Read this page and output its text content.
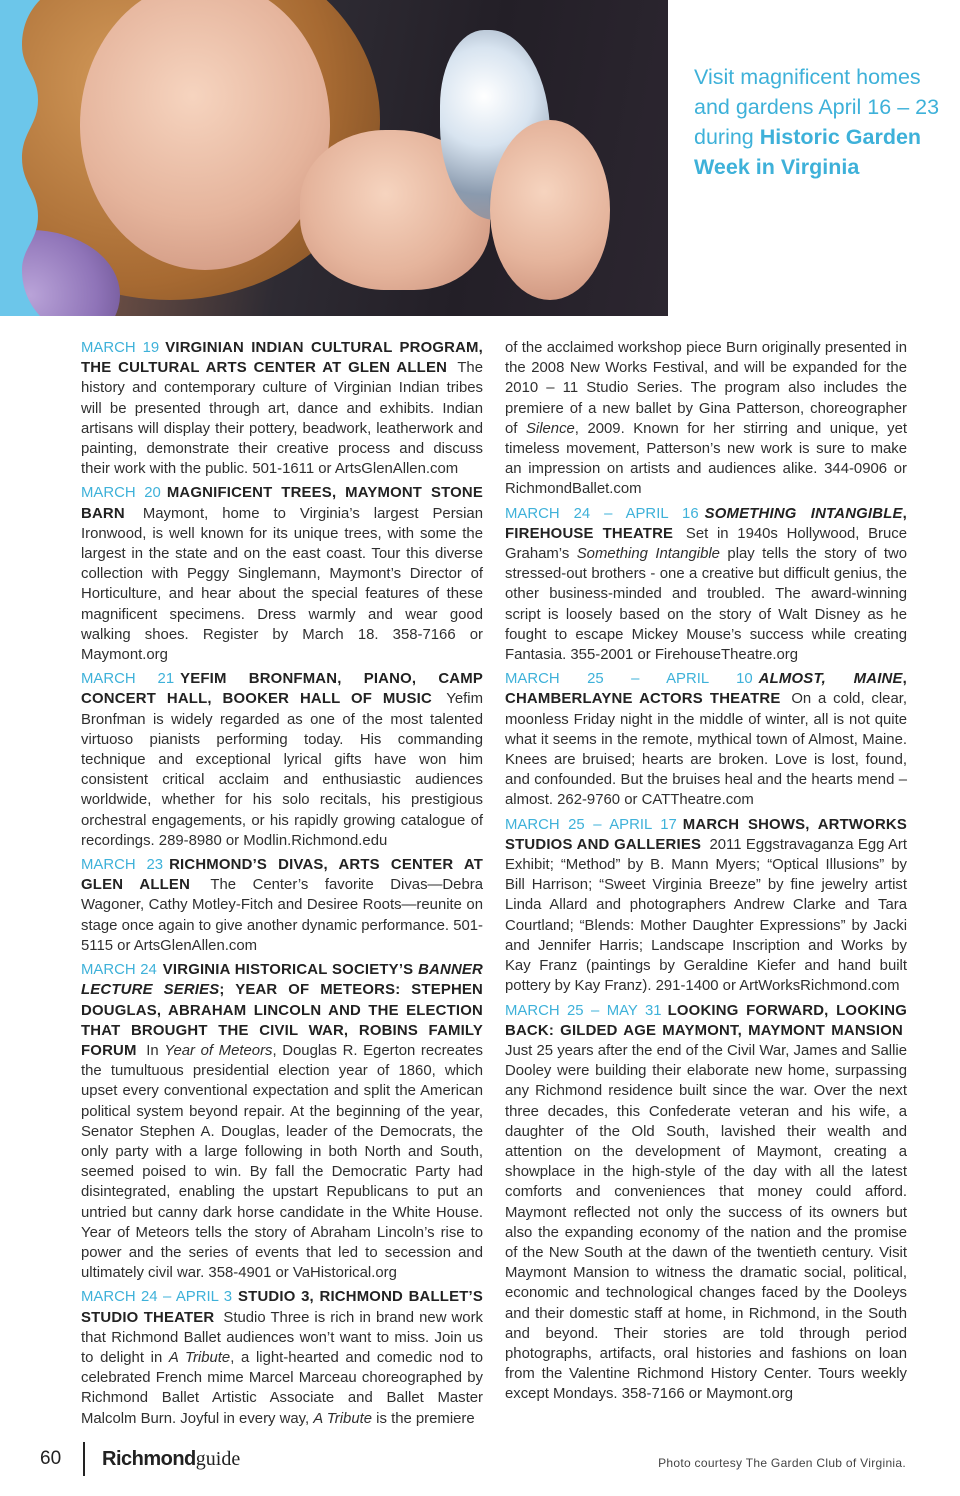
Visit magnificent homes and gardens April 16 – 23 during Historic Garden Week in Virginia

MARCH 19 VIRGINIAN INDIAN CULTURAL PROGRAM, THE CULTURAL ARTS CENTER AT GLEN ALLEN The history and contemporary culture of Virginian Indian tribes will be presented through art, dance and exhibits. Indian artisans will display their pottery, beadwork, leatherwork and painting, demonstrate their creative process and discuss their work with the public. 501-1611 or ArtsGlenAllen.com

MARCH 20 MAGNIFICENT TREES, MAYMONT STONE BARN Maymont, home to Virginia’s largest Persian Ironwood, is well known for its unique trees, with some the largest in the state and on the east coast. Tour this diverse collection with Peggy Singlemann, Maymont’s Director of Horticulture, and hear about the special features of these magnificent specimens. Dress warmly and wear good walking shoes. Register by March 18. 358-7166 or Maymont.org

MARCH 21 YEFIM BRONFMAN, PIANO, CAMP CONCERT HALL, BOOKER HALL OF MUSIC Yefim Bronfman is widely regarded as one of the most talented virtuoso pianists performing today. His commanding technique and exceptional lyrical gifts have won him consistent critical acclaim and enthusiastic audiences worldwide, whether for his solo recitals, his prestigious orchestral engagements, or his rapidly growing catalogue of recordings. 289-8980 or Modlin.Richmond.edu

MARCH 23 RICHMOND’S DIVAS, ARTS CENTER AT GLEN ALLEN The Center’s favorite Divas—Debra Wagoner, Cathy Motley-Fitch and Desiree Roots—reunite on stage once again to give another dynamic performance. 501-5115 or ArtsGlenAllen.com

MARCH 24 VIRGINIA HISTORICAL SOCIETY’S BANNER LECTURE SERIES; YEAR OF METEORS: STEPHEN DOUGLAS, ABRAHAM LINCOLN AND THE ELECTION THAT BROUGHT THE CIVIL WAR, ROBINS FAMILY FORUM In Year of Meteors, Douglas R. Egerton recreates the tumultuous presidential election year of 1860, which upset every conventional expectation and split the American political system beyond repair. At the beginning of the year, Senator Stephen A. Douglas, leader of the Democrats, the only party with a large following in both North and South, seemed poised to win. By fall the Democratic Party had disintegrated, enabling the upstart Republicans to put an untried but canny dark horse candidate in the White House. Year of Meteors tells the story of Abraham Lincoln’s rise to power and the series of events that led to secession and ultimately civil war. 358-4901 or VaHistorical.org

MARCH 24 – APRIL 3 STUDIO 3, RICHMOND BALLET’S STUDIO THEATER Studio Three is rich in brand new work that Richmond Ballet audiences won’t want to miss. Join us to delight in A Tribute, a light-hearted and comedic nod to celebrated French mime Marcel Marceau choreographed by Richmond Ballet Artistic Associate and Ballet Master Malcolm Burn. Joyful in every way, A Tribute is the premiere

of the acclaimed workshop piece Burn originally presented in the 2008 New Works Festival, and will be expanded for the 2010 – 11 Studio Series. The program also includes the premiere of a new ballet by Gina Patterson, choreographer of Silence, 2009. Known for her stirring and unique, yet timeless movement, Patterson’s new work is sure to make an impression on artists and audiences alike. 344-0906 or RichmondBallet.com

MARCH 24 – APRIL 16 SOMETHING INTANGIBLE, FIREHOUSE THEATRE Set in 1940s Hollywood, Bruce Graham’s Something Intangible play tells the story of two stressed-out brothers - one a creative but difficult genius, the other business-minded and troubled. The award-winning script is loosely based on the story of Walt Disney as he fought to escape Mickey Mouse’s success while creating Fantasia. 355-2001 or FirehouseTheatre.org

MARCH 25 – APRIL 10 ALMOST, MAINE, CHAMBERLAYNE ACTORS THEATRE On a cold, clear, moonless Friday night in the middle of winter, all is not quite what it seems in the remote, mythical town of Almost, Maine. Knees are bruised; hearts are broken. Love is lost, found, and confounded. But the bruises heal and the hearts mend – almost. 262-9760 or CATTheatre.com

MARCH 25 – APRIL 17 MARCH SHOWS, ARTWORKS STUDIOS AND GALLERIES 2011 Eggstravaganza Egg Art Exhibit; “Method” by B. Mann Myers; “Optical Illusions” by Bill Harrison; “Sweet Virginia Breeze” by fine jewelry artist Linda Allard and photographers Andrew Clarke and Tara Courtland; “Blends: Mother Daughter Expressions” by Jacki and Jennifer Harris; Landscape Inscription and Works by Kay Franz (paintings by Geraldine Kiefer and hand built pottery by Kay Franz). 291-1400 or ArtWorksRichmond.com

MARCH 25 – MAY 31 LOOKING FORWARD, LOOKING BACK: GILDED AGE MAYMONT, MAYMONT MANSION Just 25 years after the end of the Civil War, James and Sallie Dooley were building their elaborate new home, surpassing any Richmond residence built since the war. Over the next three decades, this Confederate veteran and his wife, a daughter of the Old South, lavished their wealth and attention on the development of Maymont, creating a showplace in the high-style of the day with all the latest comforts and conveniences that money could afford. Maymont reflected not only the success of its owners but also the expanding economy of the nation and the promise of the New South at the dawn of the twentieth century. Visit Maymont Mansion to witness the dramatic social, political, economic and technological changes faced by the Dooleys and their domestic staff at home, in Richmond, in the South and beyond. Their stories are told through period photographs, artifacts, oral histories and fashions on loan from the Valentine Richmond History Center. Tours weekly except Mondays. 358-7166 or Maymont.org

60 Richmondguide	Photo courtesy The Garden Club of Virginia.
